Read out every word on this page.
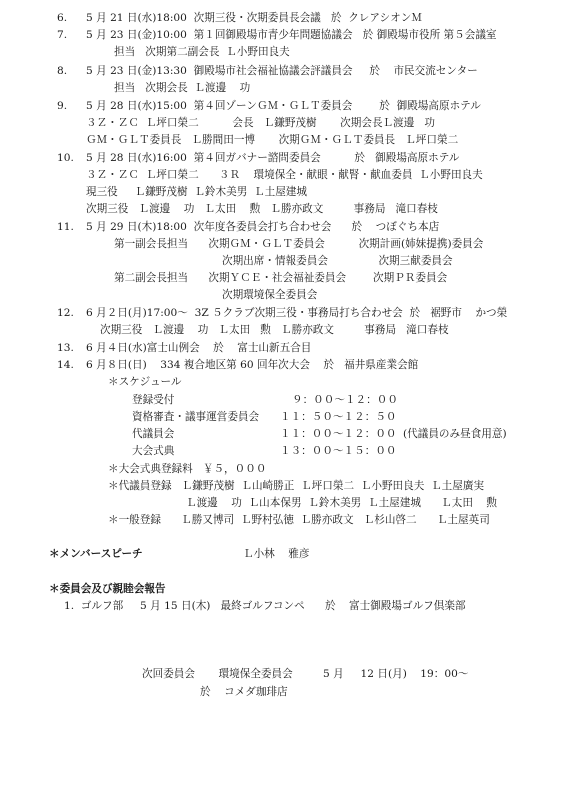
6. 5 月 21 日(水)18:00  次期三役・次期委員長会議   於  クレアシオンＭ
7. 5 月 23 日(金)10:00  第１回御殿場市青少年問題協議会   於 御殿場市役所 第５会議室
担当   次期第二副会長  Ｌ小野田良夫
8. 5 月 23 日(金)13:30  御殿場市社会福祉協議会評議員会     於    市民交流センター
担当   次期会長  Ｌ渡邊    功
9. 5 月 28 日(水)15:00  第４回ゾーンＧＭ・ＧＬＴ委員会        於  御殿場高原ホテル
３Ｚ・ＺＣ  Ｌ坪口榮二          会長   Ｌ鎌野茂樹       次期会長Ｌ渡邊   功
ＧＭ・ＧＬＴ委員長   Ｌ勝間田一博       次期ＧＭ・ＧＬＴ委員長   Ｌ坪口榮二
10. 5 月 28 日(水)16:00  第４回ガバナー諮問委員会          於   御殿場高原ホテル
３Ｚ・ＺＣ  Ｌ坪口榮二      ３Ｒ    環境保全・献眼・献腎・献血委員  Ｌ小野田良夫
現三役     Ｌ鎌野茂樹  Ｌ鈴木美男  Ｌ土屋建城
次期三役   Ｌ渡邊    功   Ｌ太田    勲   Ｌ勝亦政文         事務局   滝口春枝
11. 5 月 29 日(木)18:00  次年度各委員会打ち合わせ会      於    つぼぐち本店
第一副会長担当      次期ＧＭ・ＧＬＴ委員会          次期計画(姉妹提携)委員会
次期出席・情報委員会               次期三献委員会
第二副会長担当      次期ＹＣＥ・社会福祉委員会        次期ＰＲ委員会
次期環境保全委員会
12. 6 月２日(月)17:00～  3Z ５クラブ次期三役・事務局打ち合わせ会  於   裾野市    かつ榮
次期三役   Ｌ渡邊    功   Ｌ太田   勲   Ｌ勝亦政文         事務局   滝口春枝
13. 6 月４日(水)富士山例会    於    富士山新五合目
14. 6 月８日(日)    334 複合地区第 60 回年次大会    於   福井県産業会館
＊スケジュール
登録受付	９：００～１２：００
資格審査・議事運営委員会 １１：５０～１２：５０
代議員会	１１：００～１２：００ (代議員のみ昼食用意)
大会式典	１３：００～１５：００
＊大会式典登録料   ￥５，０００
＊代議員登録   Ｌ鎌野茂樹  Ｌ山崎勝正  Ｌ坪口榮二  Ｌ小野田良夫  Ｌ土屋廣実
Ｌ渡邊    功  Ｌ山本保男  Ｌ鈴木美男  Ｌ土屋建城      Ｌ太田    勲
＊一般登録      Ｌ勝又博司  Ｌ野村弘徳  Ｌ勝亦政文   Ｌ杉山啓二      Ｌ土屋英司
＊メンバースピーチ	Ｌ小林    雅彦
＊委員会及び親睦会報告
1.  ゴルフ部     5 月 15 日(木)   最終ゴルフコンペ      於    富士御殿場ゴルフ倶楽部
次回委員会       環境保全委員会         5 月     12 日(月)    19：00～
於    コメダ珈琲店
